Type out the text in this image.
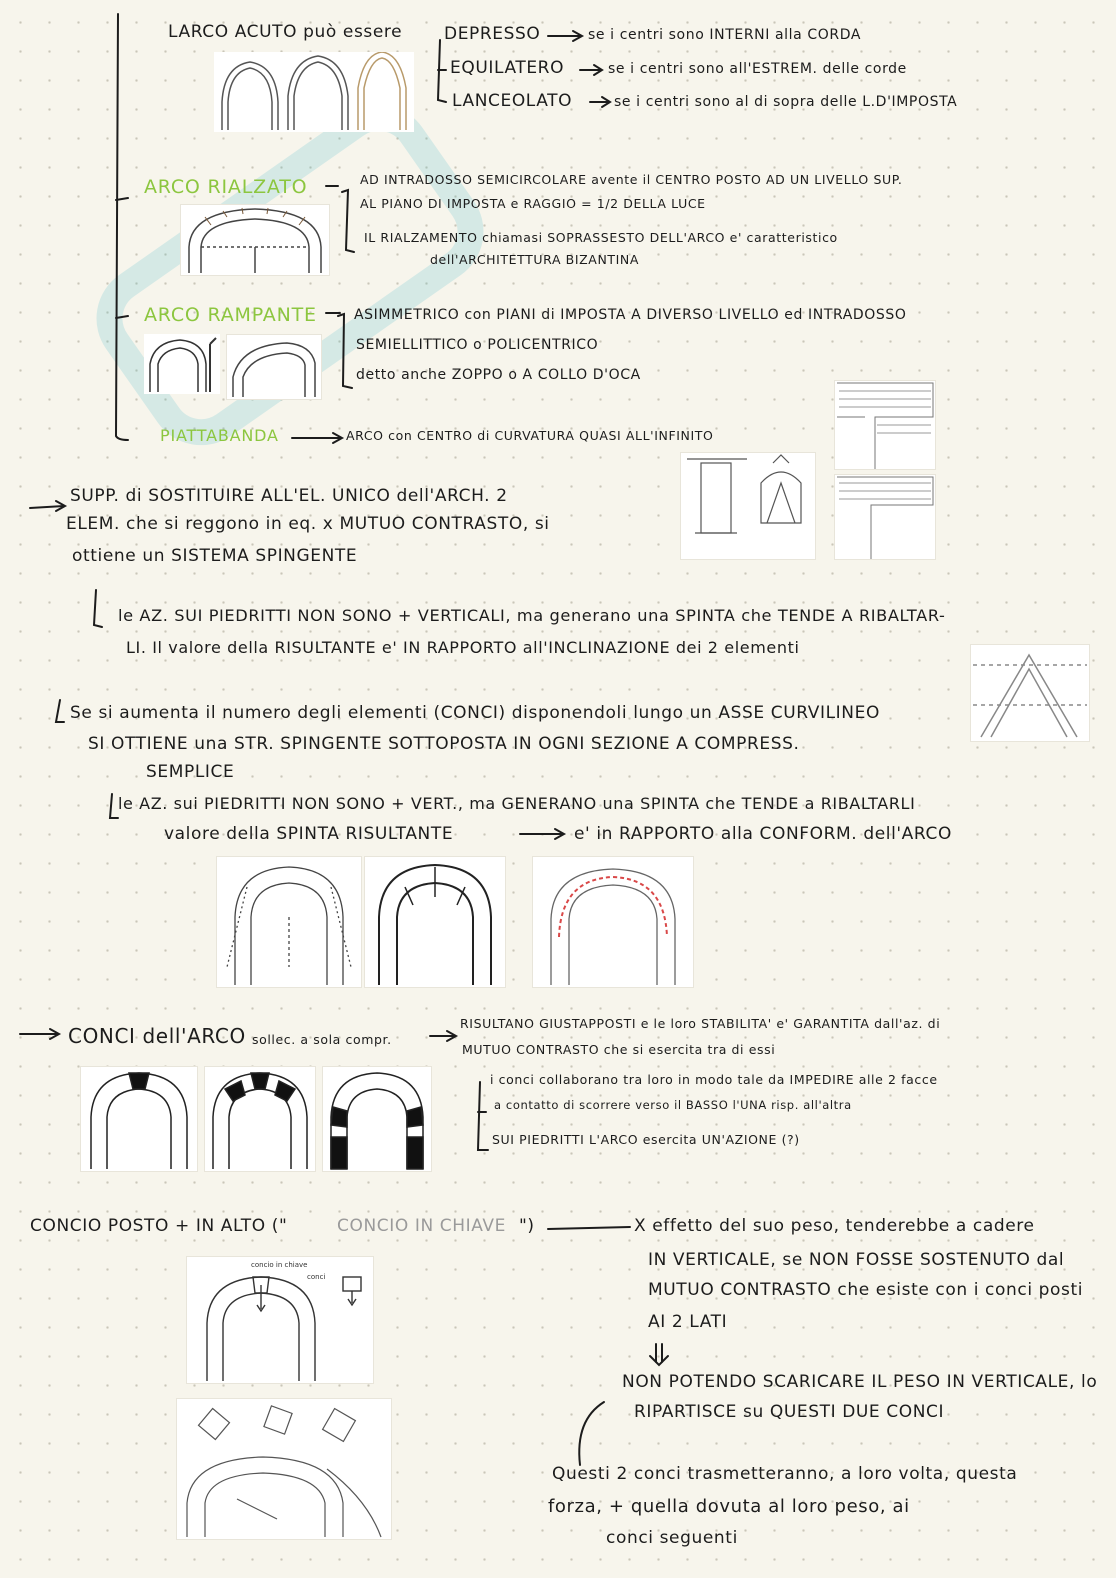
LARCO ACUTO può essere DEPRESSO	se i centri sono INTERNI alla CORDA
EQUILATERO	se i centri sono all'ESTREM. delle corde
LANCEOLATO	se i centri sono al di sopra delle L.D'IMPOSTA
ARCO RIALZATO	AD INTRADOSSO SEMICIRCOLARE avente il CENTRO POSTO AD UN LIVELLO SUP.
AL PIANO DI IMPOSTA e RAGGIO = 1/2 DELLA LUCE
IL RIALZAMENTO chiamasi SOPRASSESTO DELL'ARCO e' caratteristico
dell'ARCHITETTURA BIZANTINA
ARCO RAMPANTE	ASIMMETRICO con PIANI di IMPOSTA A DIVERSO LIVELLO ed INTRADOSSO
SEMIELLITTICO o POLICENTRICO
detto anche ZOPPO o A COLLO D'OCA
PIATTABANDA	ARCO con CENTRO di CURVATURA QUASI ALL'INFINITO
SUPP. di SOSTITUIRE ALL'EL. UNICO dell'ARCH. 2
ELEM. che si reggono in eq. x MUTUO CONTRASTO, si
ottiene un SISTEMA SPINGENTE
le AZ. SUI PIEDRITTI NON SONO + VERTICALI, ma generano una SPINTA che TENDE A RIBALTAR-
LI. Il valore della RISULTANTE e' IN RAPPORTO all'INCLINAZIONE dei 2 elementi
Se si aumenta il numero degli elementi (CONCI) disponendoli lungo un ASSE CURVILINEO
SI OTTIENE una STR. SPINGENTE SOTTOPOSTA IN OGNI SEZIONE A COMPRESS.
SEMPLICE
le AZ. sui PIEDRITTI NON SONO + VERT., ma GENERANO una SPINTA che TENDE a RIBALTARLI
valore della SPINTA RISULTANTE	e' in RAPPORTO alla CONFORM. dell'ARCO
CONCI dell'ARCO sollec. a sola compr.
RISULTANO GIUSTAPPOSTI e le loro STABILITA' e' GARANTITA dall'az. di
MUTUO CONTRASTO che si esercita tra di essi
i conci collaborano tra loro in modo tale da IMPEDIRE alle 2 facce
a contatto di scorrere verso il BASSO l'UNA risp. all'altra
SUI PIEDRITTI L'ARCO esercita UN'AZIONE (?)
CONCIO POSTO + IN ALTO ("	CONCIO IN CHIAVE ")	X effetto del suo peso, tenderebbe a cadere
IN VERTICALE, se NON FOSSE SOSTENUTO dal
MUTUO CONTRASTO che esiste con i conci posti
AI 2 LATI
NON POTENDO SCARICARE IL PESO IN VERTICALE, lo
RIPARTISCE su QUESTI DUE CONCI
Questi 2 conci trasmetteranno, a loro volta, questa
forza, + quella dovuta al loro peso, ai
conci seguenti
concio in chiave
conci
